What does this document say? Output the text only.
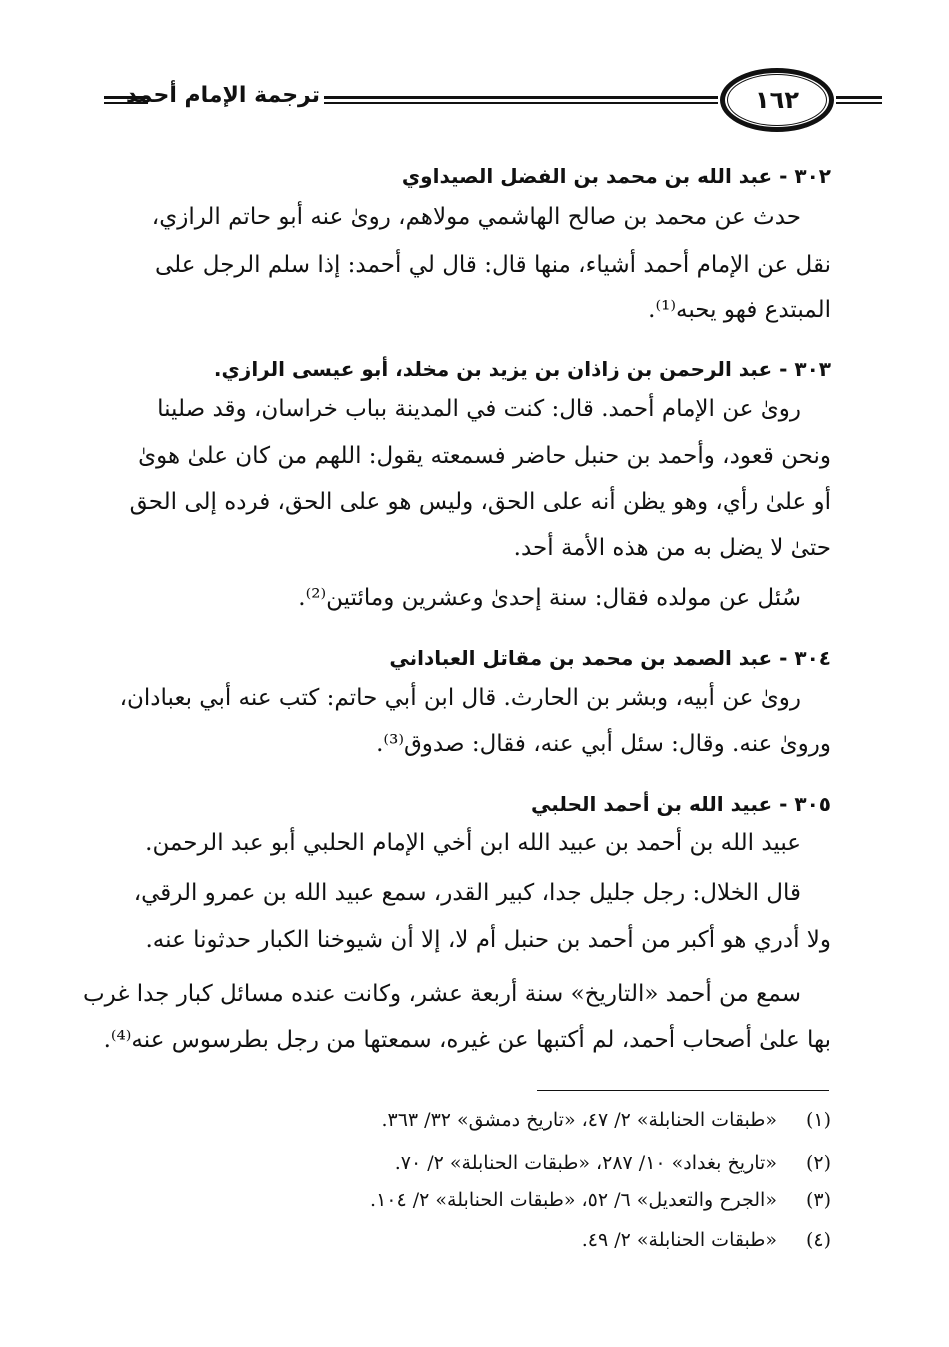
١٦٢
ترجمة الإمام أحمد
٣٠٢ - عبد الله بن محمد بن الفضل الصيداوي
حدث عن محمد بن صالح الهاشمي مولاهم، روىٰ عنه أبو حاتم الرازي،
نقل عن الإمام أحمد أشياء، منها قال: قال لي أحمد: إذا سلم الرجل على
المبتدع فهو يحبه⁽¹⁾.
٣٠٣ - عبد الرحمن بن زاذان بن يزيد بن مخلد، أبو عيسى الرازي.
روىٰ عن الإمام أحمد. قال: كنت في المدينة بباب خراسان، وقد صلينا
ونحن قعود، وأحمد بن حنبل حاضر فسمعته يقول: اللهم من كان علىٰ هوىٰ
أو علىٰ رأي، وهو يظن أنه على الحق، وليس هو على الحق، فرده إلى الحق
حتىٰ لا يضل به من هذه الأمة أحد.
سُئل عن مولده فقال: سنة إحدىٰ وعشرين ومائتين⁽²⁾.
٣٠٤ - عبد الصمد بن محمد بن مقاتل العباداني
روىٰ عن أبيه، وبشر بن الحارث. قال ابن أبي حاتم: كتب عنه أبي بعبادان،
وروىٰ عنه. وقال: سئل أبي عنه، فقال: صدوق⁽³⁾.
٣٠٥ - عبيد الله بن أحمد الحلبي
عبيد الله بن أحمد بن عبيد الله ابن أخي الإمام الحلبي أبو عبد الرحمن.
قال الخلال: رجل جليل جدا، كبير القدر، سمع عبيد الله بن عمرو الرقي،
ولا أدري هو أكبر من أحمد بن حنبل أم لا، إلا أن شيوخنا الكبار حدثونا عنه.
سمع من أحمد «التاريخ» سنة أربعة عشر، وكانت عنده مسائل كبار جدا غرب
بها علىٰ أصحاب أحمد، لم أكتبها عن غيره، سمعتها من رجل بطرسوس عنه⁽⁴⁾.
(١) «طبقات الحنابلة» ٢/ ٤٧، «تاريخ دمشق» ٣٢/ ٣٦٣.
(٢) «تاريخ بغداد» ١٠/ ٢٨٧، «طبقات الحنابلة» ٢/ ٧٠.
(٣) «الجرح والتعديل» ٦/ ٥٢، «طبقات الحنابلة» ٢/ ١٠٤.
(٤) «طبقات الحنابلة» ٢/ ٤٩.
